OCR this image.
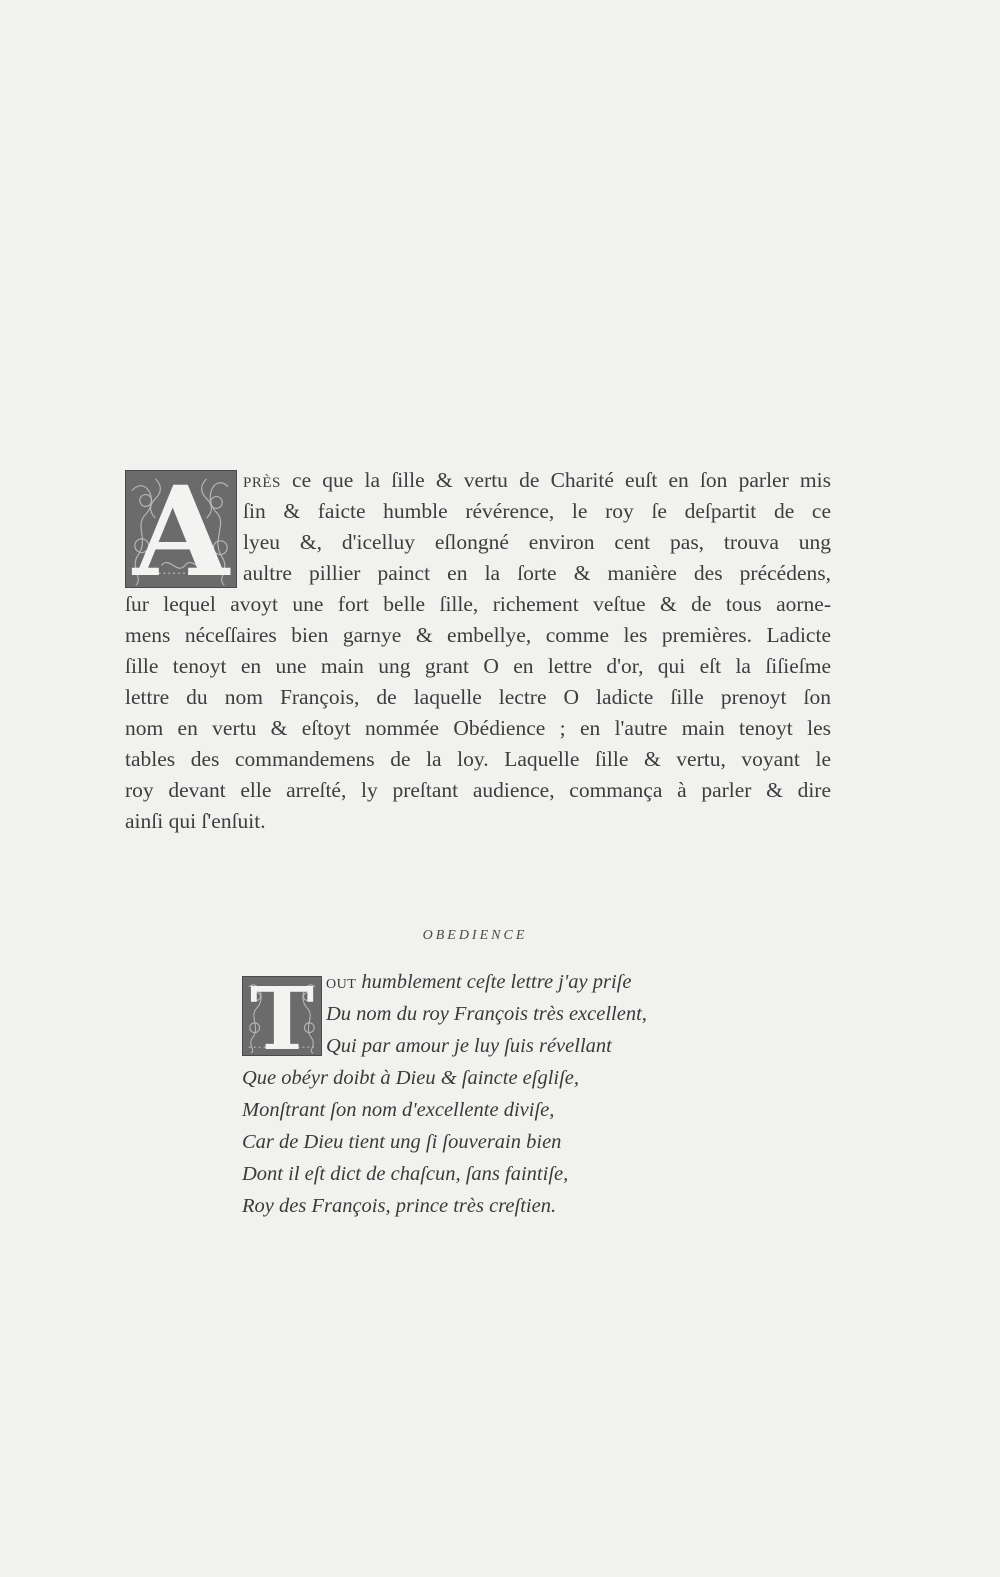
A PRÈS ce que la ſille & vertu de Charité euſt en ſon parler mis
ſin & faicte humble révérence, le roy ſe deſpartit de ce
lyeu &, d'icelluy eſlongné environ cent pas, trouva ung
aultre pillier painct en la ſorte & manière des précédens,
ſur lequel avoyt une fort belle ſille, richement veſtue & de tous aorne-
mens néceſſaires bien garnye & embellye, comme les premières. Ladicte
ſille tenoyt en une main ung grant O en lettre d'or, qui eſt la ſiſieſme
lettre du nom François, de laquelle lectre O ladicte ſille prenoyt ſon
nom en vertu & eſtoyt nommée Obédience ; en l'autre main tenoyt les
tables des commandemens de la loy. Laquelle ſille & vertu, voyant le
roy devant elle arreſté, ly preſtant audience, commança à parler & dire
ainſi qui ſ'enſuit.
OBEDIENCE
T OUT humblement ceſte lettre j'ay priſe
Du nom du roy François très excellent,
Qui par amour je luy ſuis révellant
Que obéyr doibt à Dieu & ſaincte eſgliſe,
Monſtrant ſon nom d'excellente diviſe,
Car de Dieu tient ung ſi ſouverain bien
Dont il eſt dict de chaſcun, ſans faintiſe,
Roy des François, prince très creſtien.
